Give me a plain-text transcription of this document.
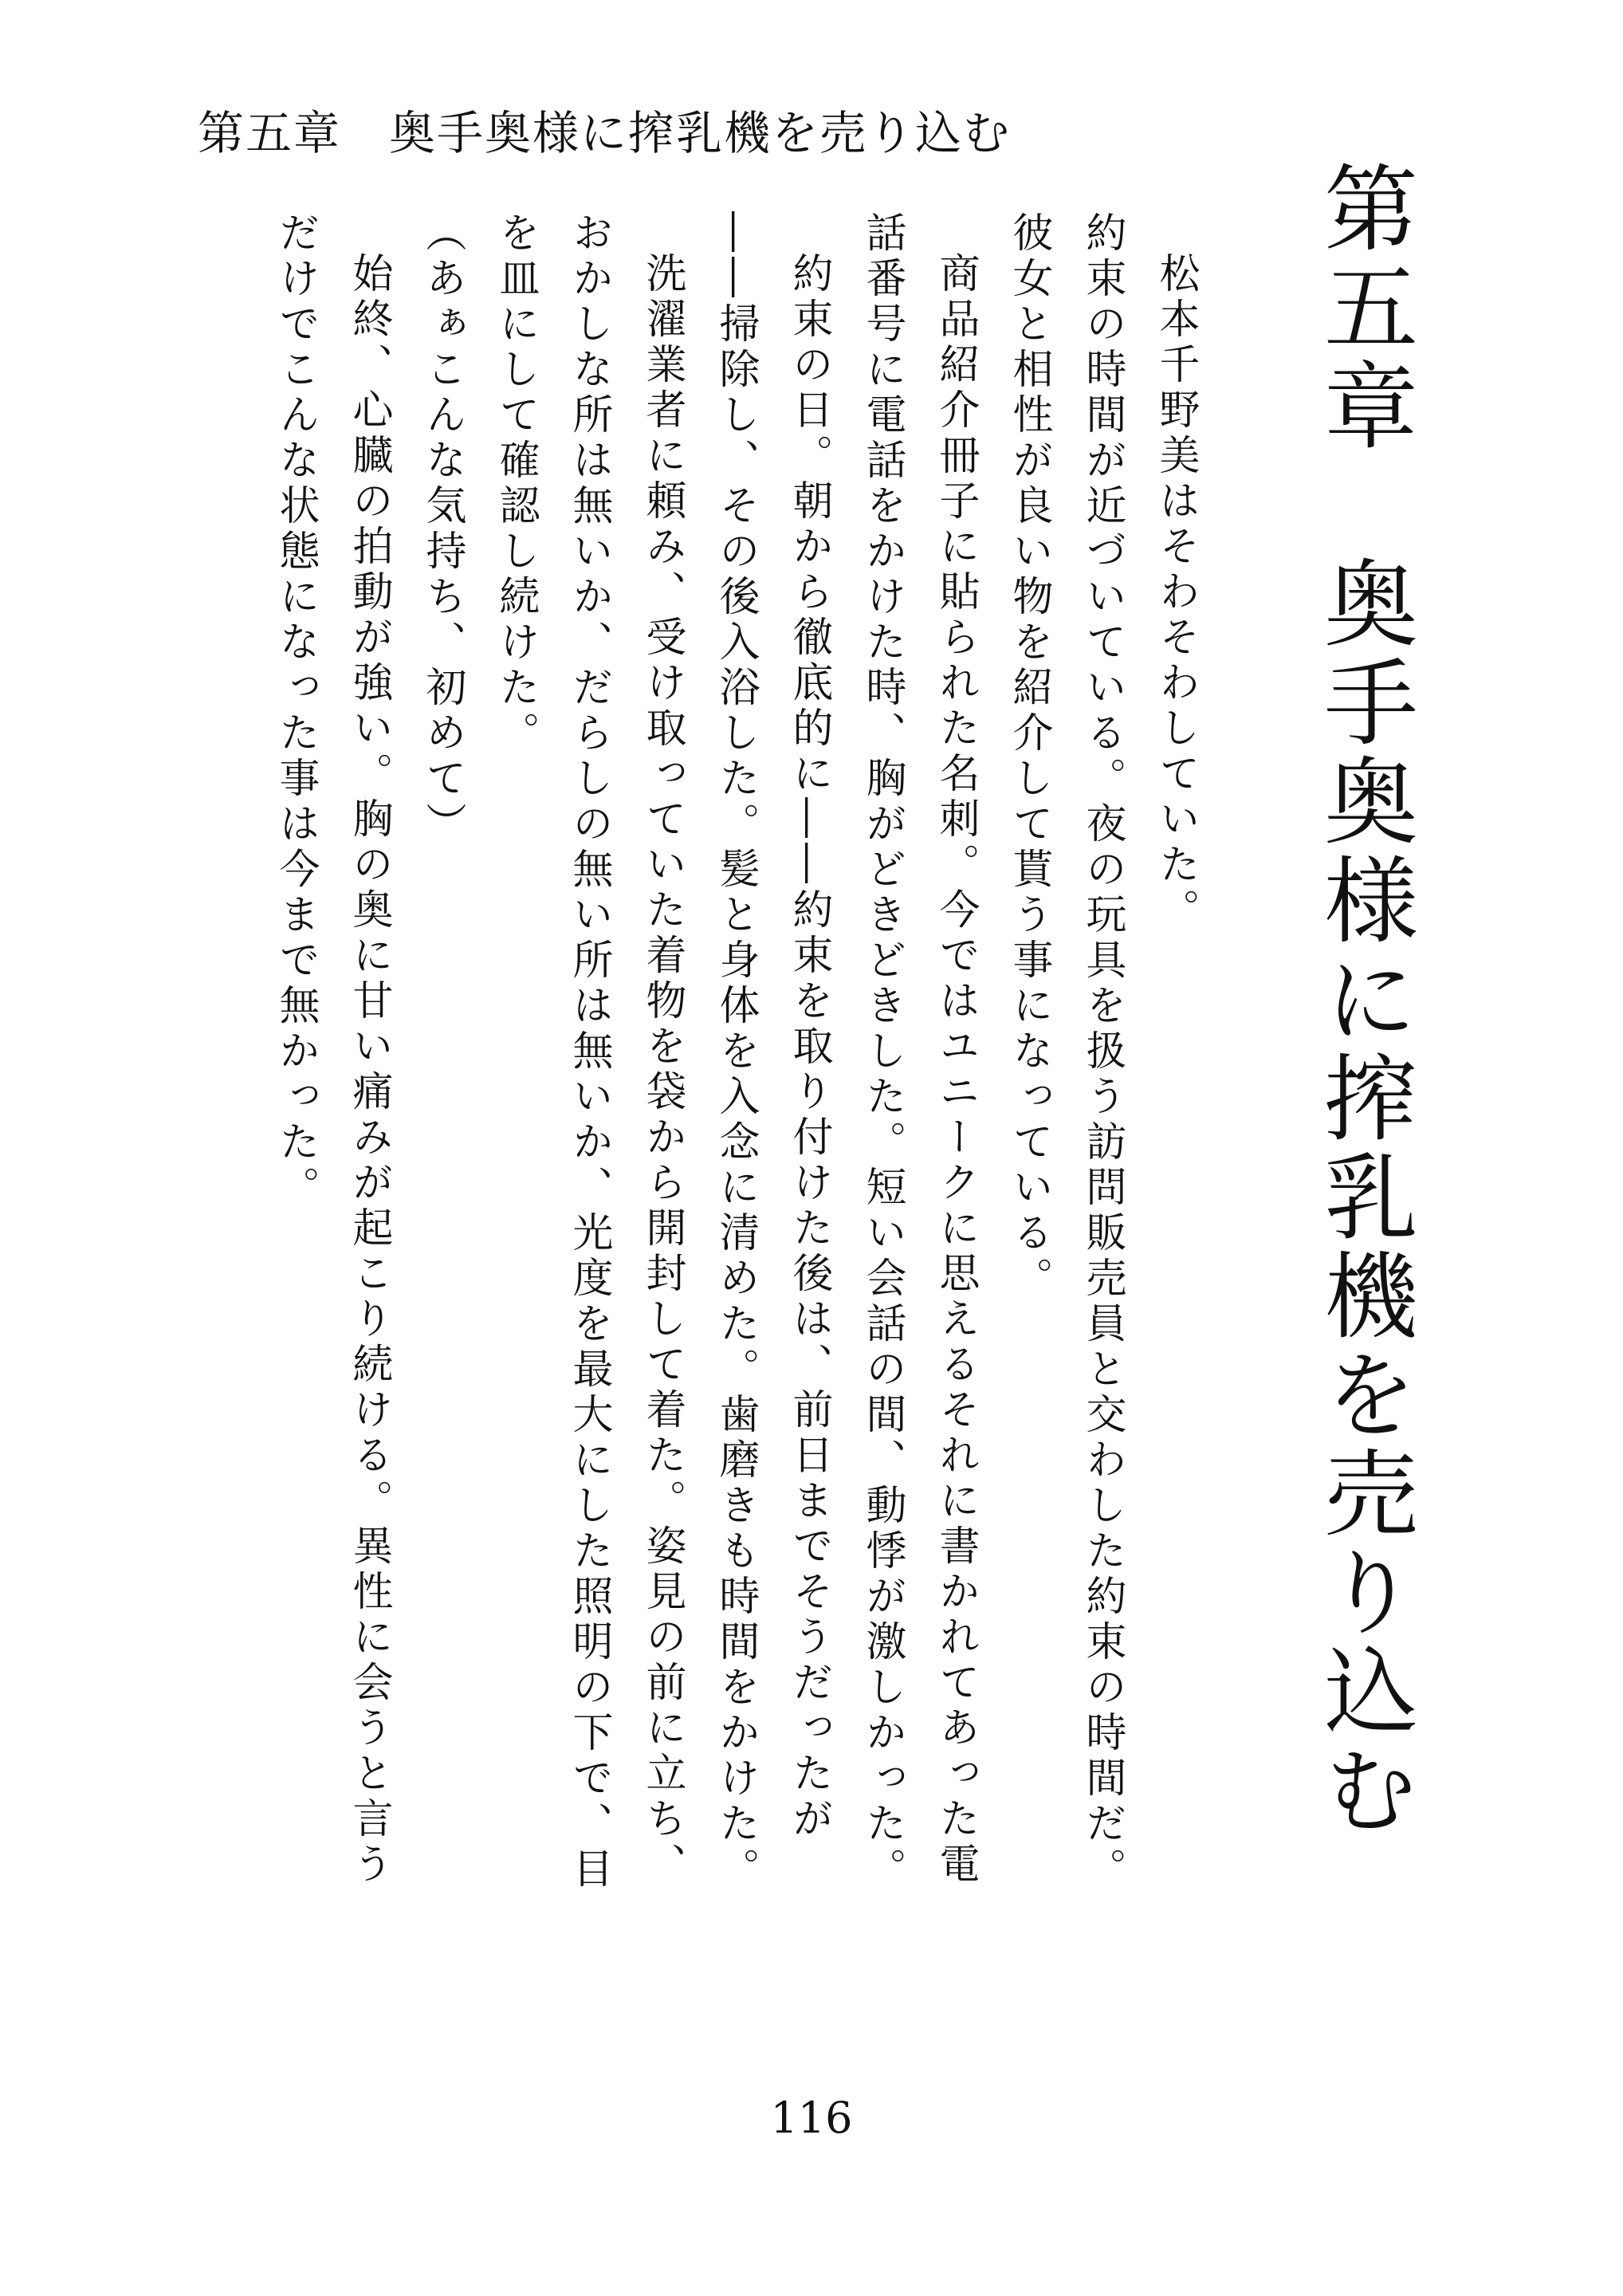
第五章　奥手奥様に搾乳機を売り込む
第五章　奥手奥様に搾乳機を売り込む

松本千野美はそわそわしていた。

約束の時間が近づいている。夜の玩具を扱う訪問販売員と交わした約束の時間だ。彼女と相性が良い物を紹介して貰う事になっている。

商品紹介冊子に貼られた名刺。今ではユニークに思えるそれに書かれてあった電話番号に電話をかけた時、胸がどきどきした。短い会話の間、動悸が激しかった。

約束の日。朝から徹底的に――約束を取り付けた後は、前日までそうだったが――掃除し、その後入浴した。髪と身体を入念に清めた。歯磨きも時間をかけた。

洗濯業者に頼み、受け取っていた着物を袋から開封して着た。姿見の前に立ち、おかしな所は無いか、だらしの無い所は無いか、光度を最大にした照明の下で、目を皿にして確認し続けた。

（あぁこんな気持ち、初めて）

始終、心臓の拍動が強い。胸の奥に甘い痛みが起こり続ける。異性に会うと言うだけでこんな状態になった事は今まで無かった。

116
